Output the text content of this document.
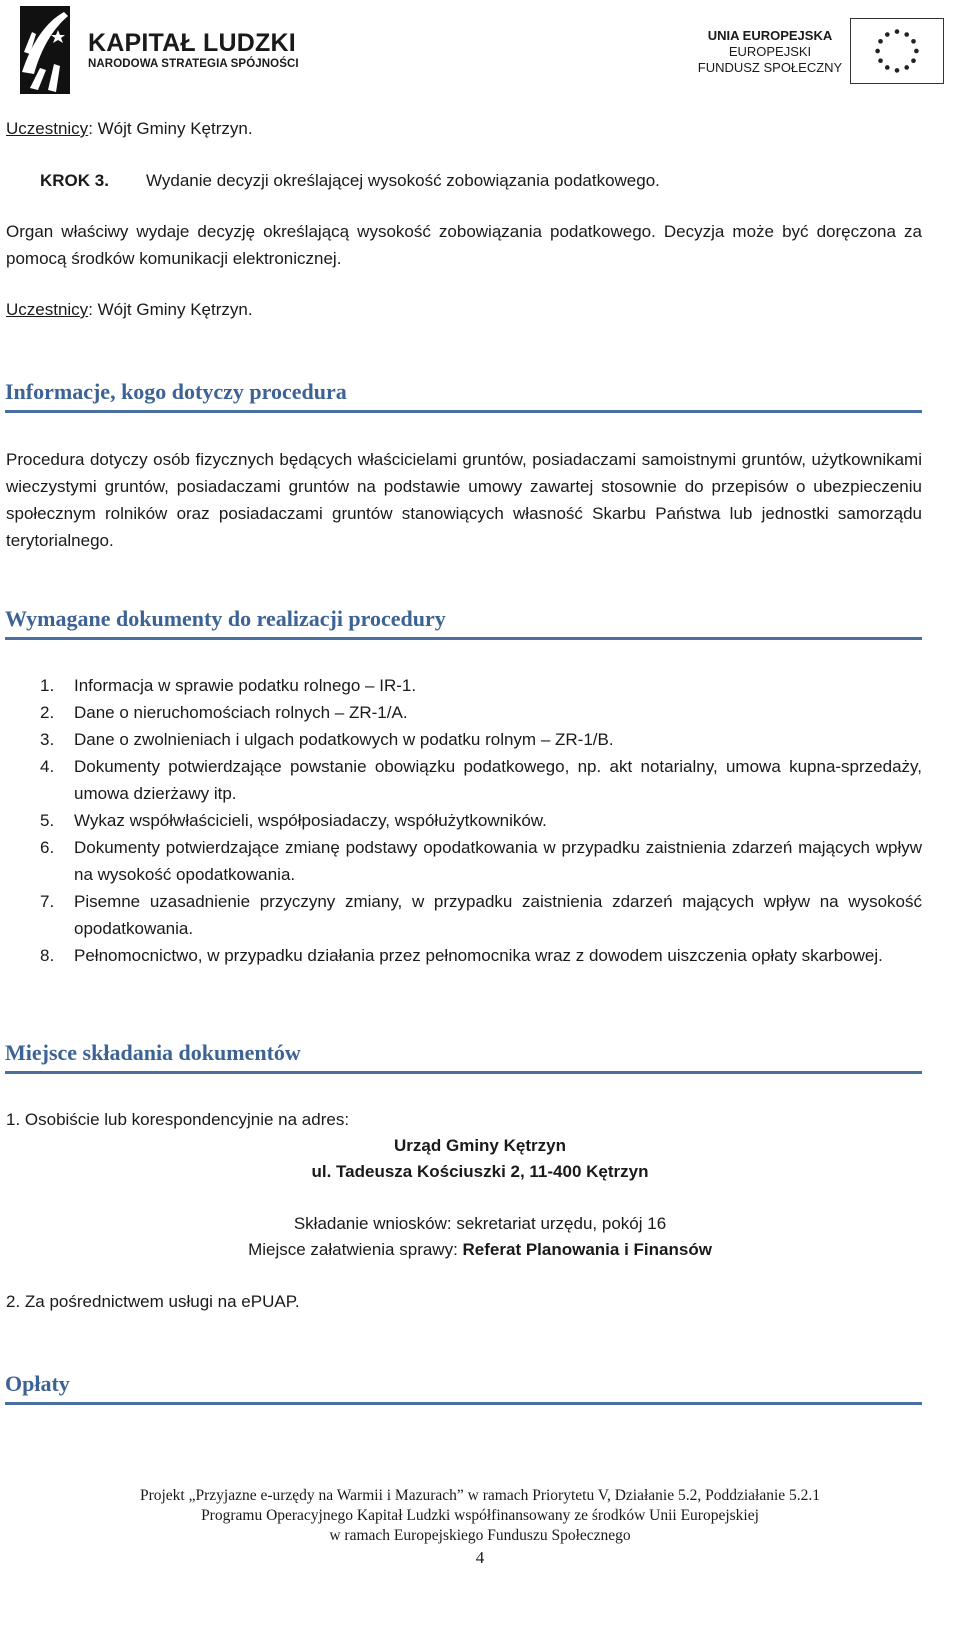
KAPITAŁ LUDZKI
NARODOWA STRATEGIA SPÓJNOŚCI
UNIA EUROPEJSKA
EUROPEJSKI
FUNDUSZ SPOŁECZNY
Uczestnicy: Wójt Gminy Kętrzyn.
KROK 3. Wydanie decyzji określającej wysokość zobowiązania podatkowego.
Organ właściwy wydaje decyzję określającą wysokość zobowiązania podatkowego. Decyzja może być doręczona za pomocą środków komunikacji elektronicznej.
Uczestnicy: Wójt Gminy Kętrzyn.
Informacje, kogo dotyczy procedura
Procedura dotyczy osób fizycznych będących właścicielami gruntów, posiadaczami samoistnymi gruntów, użytkownikami wieczystymi gruntów, posiadaczami gruntów na podstawie umowy zawartej stosownie do przepisów o ubezpieczeniu społecznym rolników oraz posiadaczami gruntów stanowiących własność Skarbu Państwa lub jednostki samorządu terytorialnego.
Wymagane dokumenty do realizacji procedury
1.	Informacja w sprawie podatku rolnego – IR-1.
2.	Dane o nieruchomościach rolnych – ZR-1/A.
3.	Dane o zwolnieniach i ulgach podatkowych w podatku rolnym – ZR-1/B.
4.	Dokumenty potwierdzające powstanie obowiązku podatkowego, np. akt notarialny, umowa kupna-sprzedaży, umowa dzierżawy itp.
5.	Wykaz współwłaścicieli, współposiadaczy, współużytkowników.
6.	Dokumenty potwierdzające zmianę podstawy opodatkowania w przypadku zaistnienia zdarzeń mających wpływ na wysokość opodatkowania.
7.	Pisemne uzasadnienie przyczyny zmiany, w przypadku zaistnienia zdarzeń mających wpływ na wysokość opodatkowania.
8.	Pełnomocnictwo, w przypadku działania przez pełnomocnika wraz z dowodem uiszczenia opłaty skarbowej.
Miejsce składania dokumentów
1. Osobiście lub korespondencyjnie na adres:
Urząd Gminy Kętrzyn
ul. Tadeusza Kościuszki 2, 11-400 Kętrzyn
Składanie wniosków: sekretariat urzędu, pokój 16
Miejsce załatwienia sprawy: Referat Planowania i Finansów
2. Za pośrednictwem usługi na ePUAP.
Opłaty
Projekt „Przyjazne e-urzędy na Warmii i Mazurach” w ramach Priorytetu V, Działanie 5.2, Poddziałanie 5.2.1
Programu Operacyjnego Kapitał Ludzki współfinansowany ze środków Unii Europejskiej
w ramach Europejskiego Funduszu Społecznego
4
